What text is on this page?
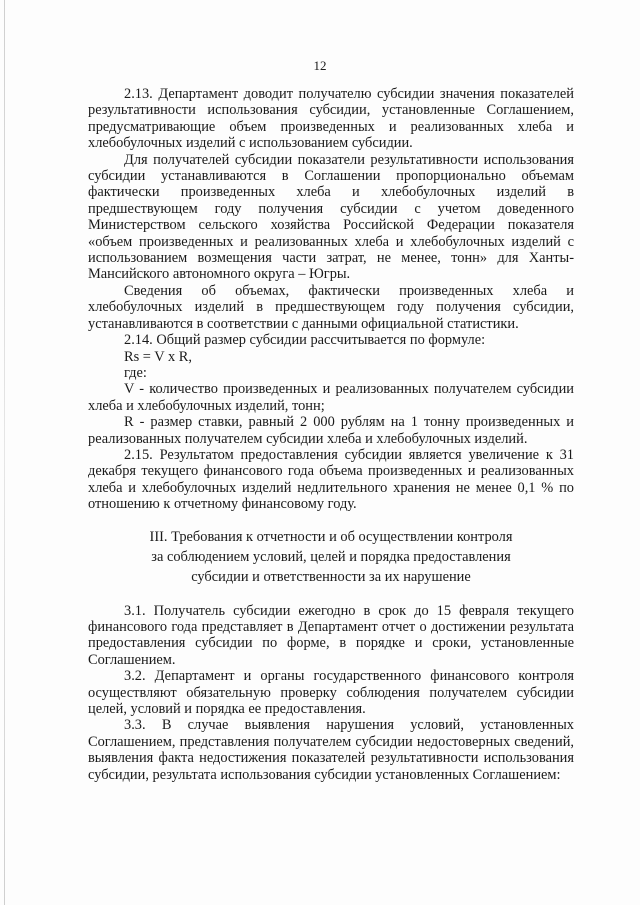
12

2.13. Департамент доводит получателю субсидии значения показателей результативности использования субсидии, установленные Соглашением, предусматривающие объем произведенных и реализованных хлеба и хлебобулочных изделий с использованием субсидии.

Для получателей субсидии показатели результативности использования субсидии устанавливаются в Соглашении пропорционально объемам фактически произведенных хлеба и хлебобулочных изделий в предшествующем году получения субсидии с учетом доведенного Министерством сельского хозяйства Российской Федерации показателя «объем произведенных и реализованных хлеба и хлебобулочных изделий с использованием возмещения части затрат, не менее, тонн» для Ханты-Мансийского автономного округа – Югры.

Сведения об объемах, фактически произведенных хлеба и хлебобулочных изделий в предшествующем году получения субсидии, устанавливаются в соответствии с данными официальной статистики.

2.14. Общий размер субсидии рассчитывается по формуле:

Rs = V x R,

где:

V - количество произведенных и реализованных получателем субсидии хлеба и хлебобулочных изделий, тонн;

R - размер ставки, равный 2 000 рублям на 1 тонну произведенных и реализованных получателем субсидии хлеба и хлебобулочных изделий.

2.15. Результатом предоставления субсидии является увеличение к 31 декабря текущего финансового года объема произведенных и реализованных хлеба и хлебобулочных изделий недлительного хранения не менее 0,1 % по отношению к отчетному финансовому году.

III. Требования к отчетности и об осуществлении контроля
за соблюдением условий, целей и порядка предоставления
субсидии и ответственности за их нарушение

3.1. Получатель субсидии ежегодно в срок до 15 февраля текущего финансового года представляет в Департамент отчет о достижении результата предоставления субсидии по форме, в порядке и сроки, установленные Соглашением.

3.2. Департамент и органы государственного финансового контроля осуществляют обязательную проверку соблюдения получателем субсидии целей, условий и порядка ее предоставления.

3.3. В случае выявления нарушения условий, установленных Соглашением, представления получателем субсидии недостоверных сведений, выявления факта недостижения показателей результативности использования субсидии, результата использования субсидии установленных Соглашением:
